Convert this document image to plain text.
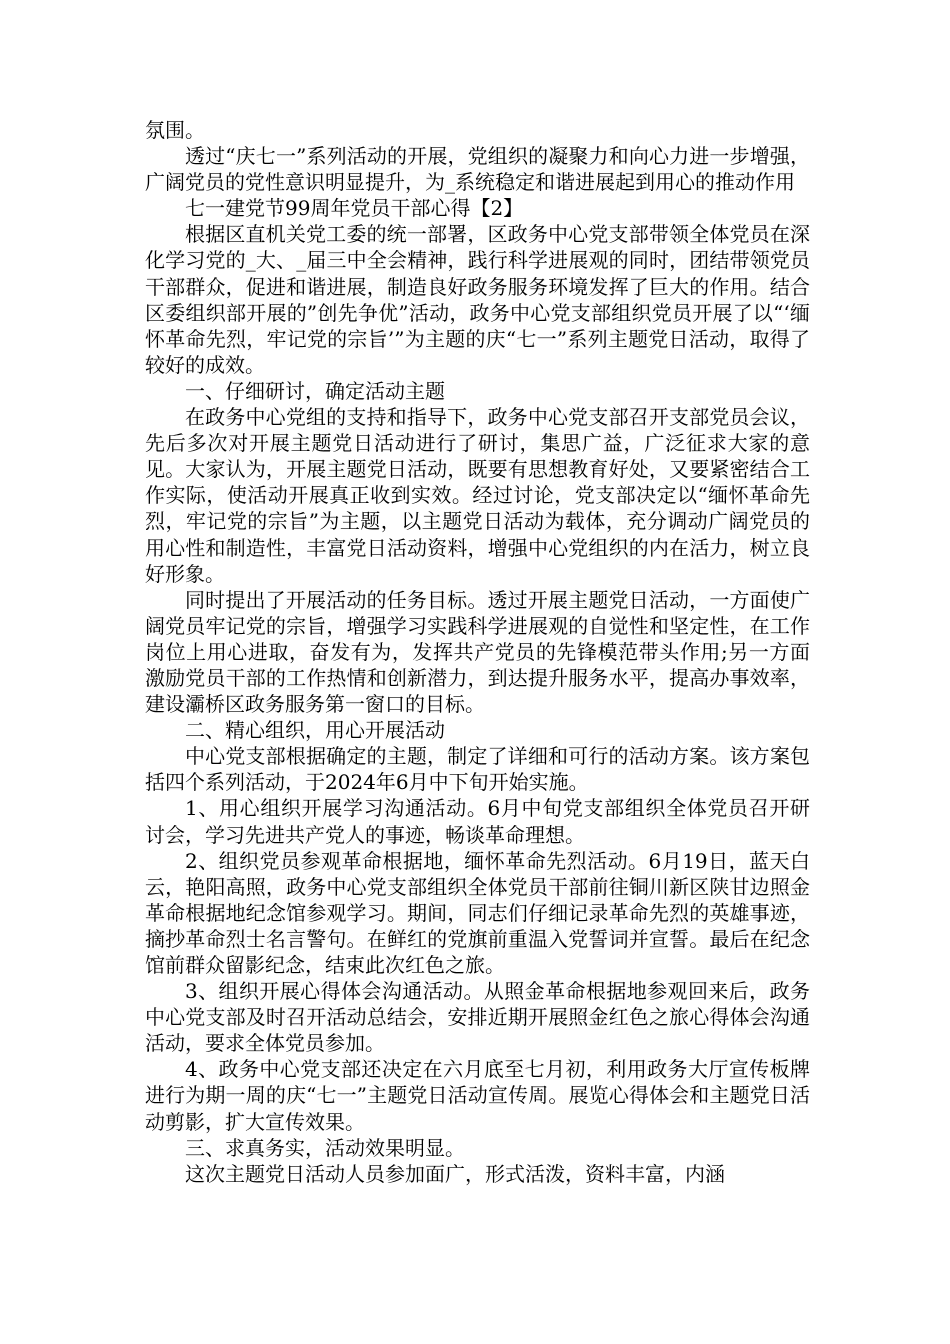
氛围。

透过“庆七一”系列活动的开展，党组织的凝聚力和向心力进一步增强，广阔党员的党性意识明显提升，为_系统稳定和谐进展起到用心的推动作用

七一建党节99周年党员干部心得【2】

根据区直机关党工委的统一部署，区政务中心党支部带领全体党员在深化学习党的_大、_届三中全会精神，践行科学进展观的同时，团结带领党员干部群众，促进和谐进展，制造良好政务服务环境发挥了巨大的作用。结合区委组织部开展的”创先争优”活动，政务中心党支部组织党员开展了以“‘缅怀革命先烈，牢记党的宗旨’”为主题的庆“七一”系列主题党日活动，取得了较好的成效。

一、仔细研讨，确定活动主题

在政务中心党组的支持和指导下，政务中心党支部召开支部党员会议，先后多次对开展主题党日活动进行了研讨，集思广益，广泛征求大家的意见。大家认为，开展主题党日活动，既要有思想教育好处，又要紧密结合工作实际，使活动开展真正收到实效。经过讨论，党支部决定以“缅怀革命先烈，牢记党的宗旨”为主题，以主题党日活动为载体，充分调动广阔党员的用心性和制造性，丰富党日活动资料，增强中心党组织的内在活力，树立良好形象。

同时提出了开展活动的任务目标。透过开展主题党日活动，一方面使广阔党员牢记党的宗旨，增强学习实践科学进展观的自觉性和坚定性，在工作岗位上用心进取，奋发有为，发挥共产党员的先锋模范带头作用;另一方面激励党员干部的工作热情和创新潜力，到达提升服务水平，提高办事效率，建设灞桥区政务服务第一窗口的目标。

二、精心组织，用心开展活动

中心党支部根据确定的主题，制定了详细和可行的活动方案。该方案包括四个系列活动，于2024年6月中下旬开始实施。

1、用心组织开展学习沟通活动。6月中旬党支部组织全体党员召开研讨会，学习先进共产党人的事迹，畅谈革命理想。

2、组织党员参观革命根据地，缅怀革命先烈活动。6月19日，蓝天白云，艳阳高照，政务中心党支部组织全体党员干部前往铜川新区陕甘边照金革命根据地纪念馆参观学习。期间，同志们仔细记录革命先烈的英雄事迹，摘抄革命烈士名言警句。在鲜红的党旗前重温入党誓词并宣誓。最后在纪念馆前群众留影纪念，结束此次红色之旅。

3、组织开展心得体会沟通活动。从照金革命根据地参观回来后，政务中心党支部及时召开活动总结会，安排近期开展照金红色之旅心得体会沟通活动，要求全体党员参加。

4、政务中心党支部还决定在六月底至七月初，利用政务大厅宣传板牌进行为期一周的庆“七一”主题党日活动宣传周。展览心得体会和主题党日活动剪影，扩大宣传效果。

三、求真务实，活动效果明显。

这次主题党日活动人员参加面广，形式活泼，资料丰富，内涵
